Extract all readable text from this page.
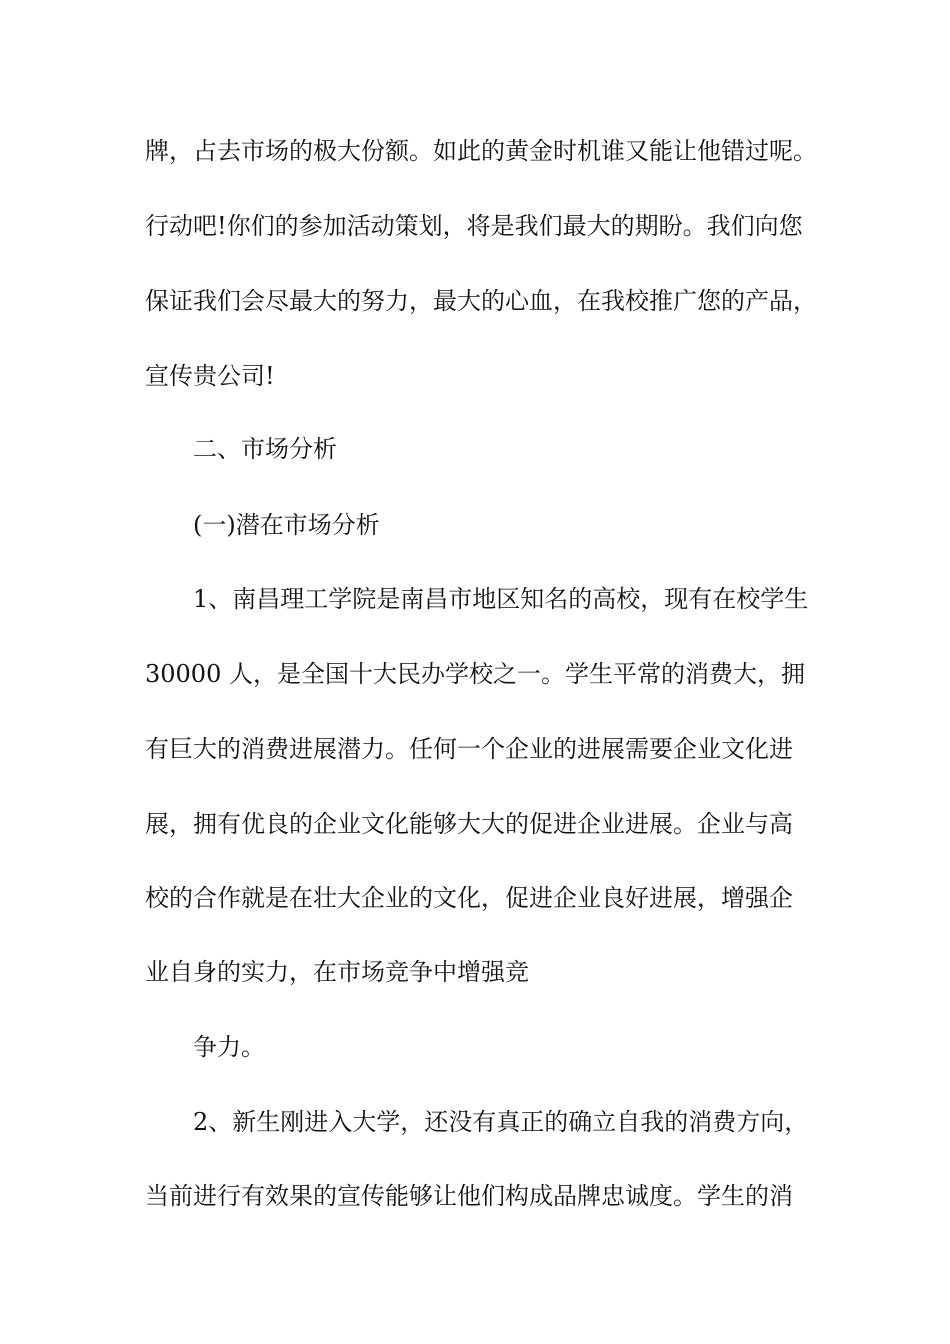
牌，占去市场的极大份额。如此的黄金时机谁又能让他错过呢。
行动吧!你们的参加活动策划，将是我们最大的期盼。我们向您
保证我们会尽最大的努力，最大的心血，在我校推广您的产品，
宣传贵公司!
二、市场分析
(一)潜在市场分析
1、南昌理工学院是南昌市地区知名的高校，现有在校学生
30000 人，是全国十大民办学校之一。学生平常的消费大，拥
有巨大的消费进展潜力。任何一个企业的进展需要企业文化进
展，拥有优良的企业文化能够大大的促进企业进展。企业与高
校的合作就是在壮大企业的文化，促进企业良好进展，增强企
业自身的实力，在市场竞争中增强竞
争力。
2、新生刚进入大学，还没有真正的确立自我的消费方向，
当前进行有效果的宣传能够让他们构成品牌忠诚度。学生的消
